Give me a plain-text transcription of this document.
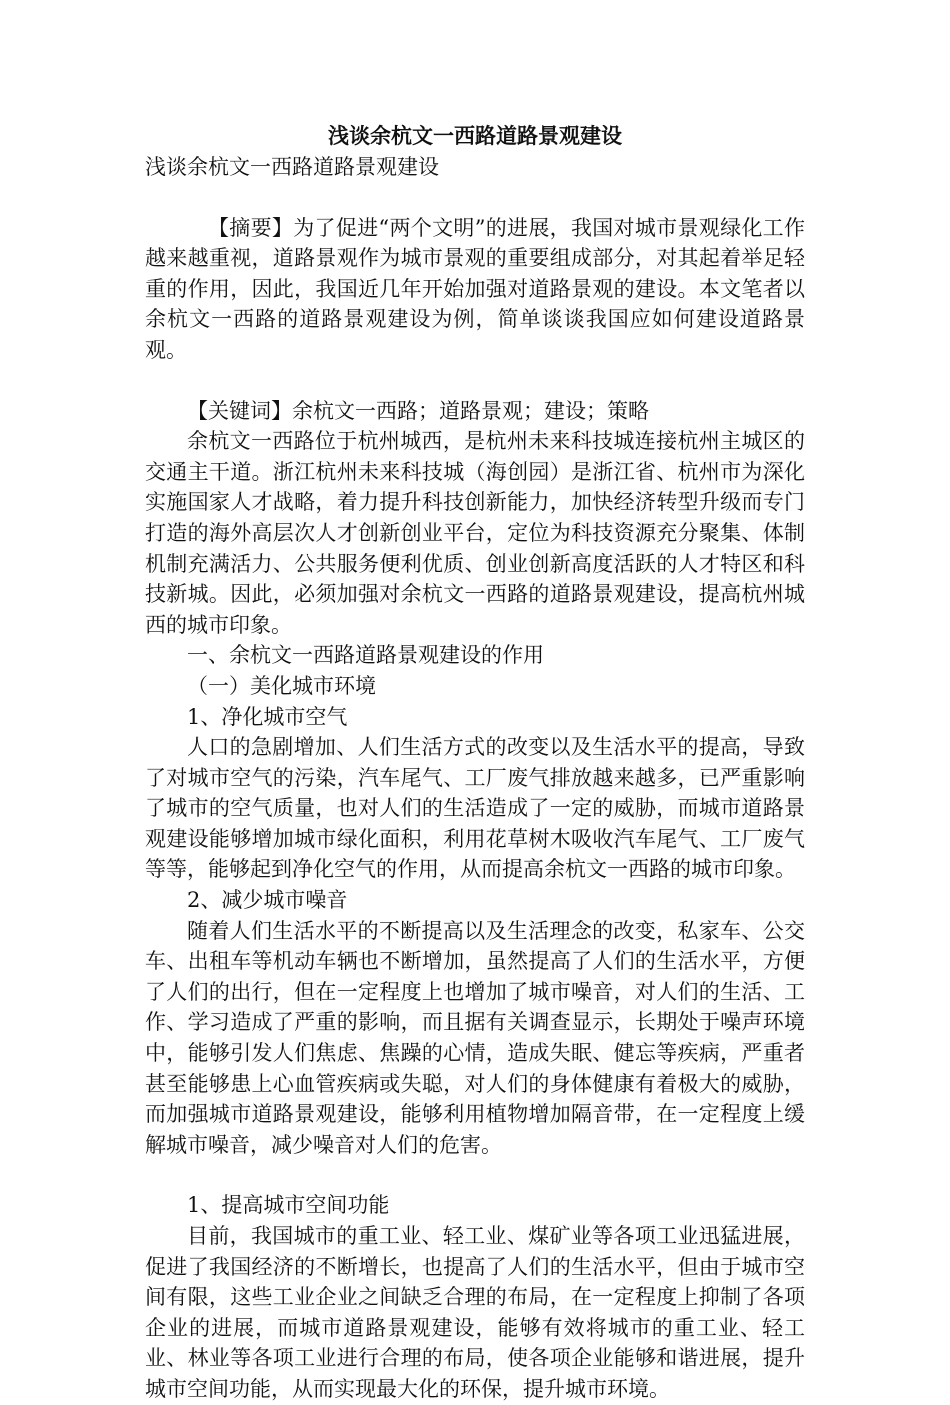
浅谈余杭文一西路道路景观建设

浅谈余杭文一西路道路景观建设

【摘要】为了促进“两个文明”的进展，我国对城市景观绿化工作越来越重视，道路景观作为城市景观的重要组成部分，对其起着举足轻重的作用，因此，我国近几年开始加强对道路景观的建设。本文笔者以余杭文一西路的道路景观建设为例，简单谈谈我国应如何建设道路景观。

【关键词】余杭文一西路；道路景观；建设；策略

余杭文一西路位于杭州城西，是杭州未来科技城连接杭州主城区的交通主干道。浙江杭州未来科技城（海创园）是浙江省、杭州市为深化实施国家人才战略，着力提升科技创新能力，加快经济转型升级而专门打造的海外高层次人才创新创业平台，定位为科技资源充分聚集、体制机制充满活力、公共服务便利优质、创业创新高度活跃的人才特区和科技新城。因此，必须加强对余杭文一西路的道路景观建设，提高杭州城西的城市印象。

一、余杭文一西路道路景观建设的作用

（一）美化城市环境

1、净化城市空气

人口的急剧增加、人们生活方式的改变以及生活水平的提高，导致了对城市空气的污染，汽车尾气、工厂废气排放越来越多，已严重影响了城市的空气质量，也对人们的生活造成了一定的威胁，而城市道路景观建设能够增加城市绿化面积，利用花草树木吸收汽车尾气、工厂废气等等，能够起到净化空气的作用，从而提高余杭文一西路的城市印象。

2、减少城市噪音

随着人们生活水平的不断提高以及生活理念的改变，私家车、公交车、出租车等机动车辆也不断增加，虽然提高了人们的生活水平，方便了人们的出行，但在一定程度上也增加了城市噪音，对人们的生活、工作、学习造成了严重的影响，而且据有关调查显示，长期处于噪声环境中，能够引发人们焦虑、焦躁的心情，造成失眠、健忘等疾病，严重者甚至能够患上心血管疾病或失聪，对人们的身体健康有着极大的威胁，而加强城市道路景观建设，能够利用植物增加隔音带，在一定程度上缓解城市噪音，减少噪音对人们的危害。

1、提高城市空间功能

目前，我国城市的重工业、轻工业、煤矿业等各项工业迅猛进展，促进了我国经济的不断增长，也提高了人们的生活水平，但由于城市空间有限，这些工业企业之间缺乏合理的布局，在一定程度上抑制了各项企业的进展，而城市道路景观建设，能够有效将城市的重工业、轻工业、林业等各项工业进行合理的布局，使各项企业能够和谐进展，提升城市空间功能，从而实现最大化的环保，提升城市环境。
